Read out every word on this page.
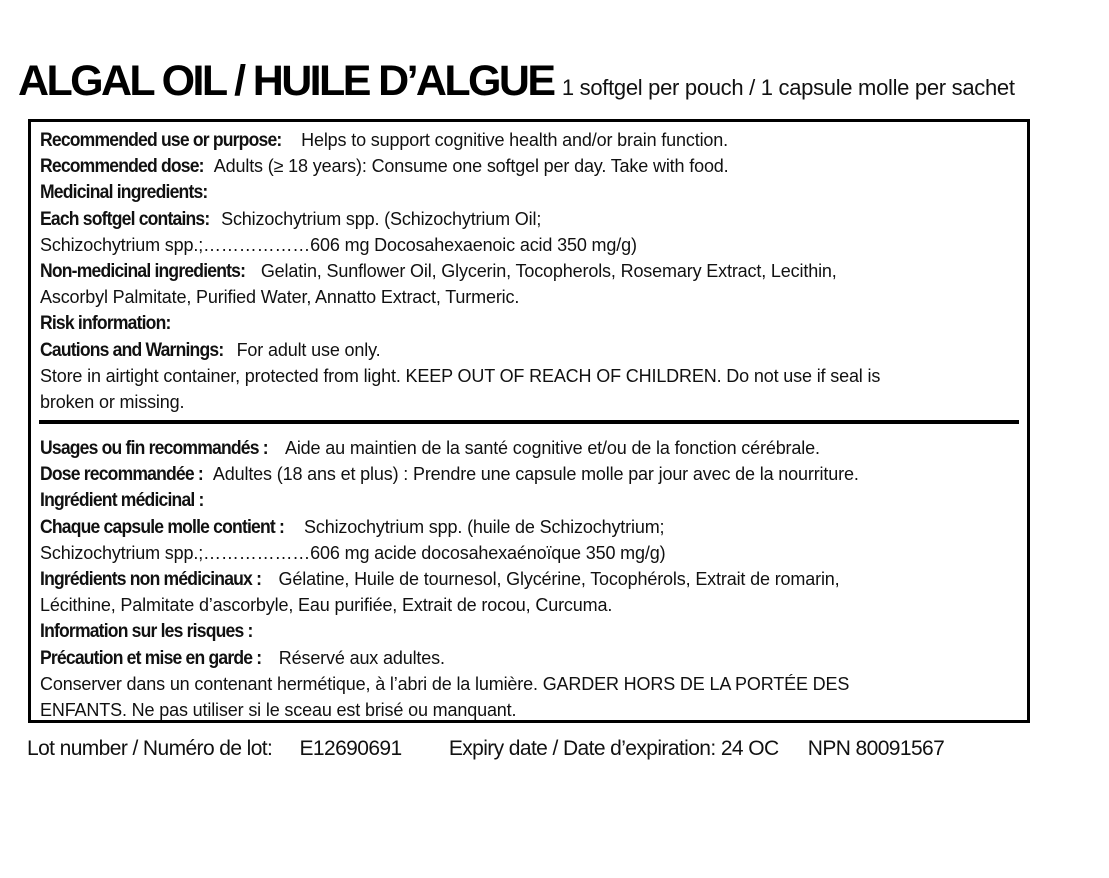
ALGAL OIL / HUILE D’ALGUE 1 softgel per pouch / 1 capsule molle per sachet
Recommended use or purpose: Helps to support cognitive health and/or brain function.
Recommended dose: Adults (≥ 18 years): Consume one softgel per day. Take with food.
Medicinal ingredients:
Each softgel contains: Schizochytrium spp. (Schizochytrium Oil;
Schizochytrium spp.;………………606 mg Docosahexaenoic acid 350 mg/g)
Non-medicinal ingredients: Gelatin, Sunflower Oil, Glycerin, Tocopherols, Rosemary Extract, Lecithin,
Ascorbyl Palmitate, Purified Water, Annatto Extract, Turmeric.
Risk information:
Cautions and Warnings: For adult use only.
Store in airtight container, protected from light. KEEP OUT OF REACH OF CHILDREN. Do not use if seal is
broken or missing.
Usages ou fin recommandés : Aide au maintien de la santé cognitive et/ou de la fonction cérébrale.
Dose recommandée : Adultes (18 ans et plus) : Prendre une capsule molle par jour avec de la nourriture.
Ingrédient médicinal :
Chaque capsule molle contient : Schizochytrium spp. (huile de Schizochytrium;
Schizochytrium spp.;………………606 mg acide docosahexaénoïque 350 mg/g)
Ingrédients non médicinaux : Gélatine, Huile de tournesol, Glycérine, Tocophérols, Extrait de romarin,
Lécithine, Palmitate d’ascorbyle, Eau purifiée, Extrait de rocou, Curcuma.
Information sur les risques :
Précaution et mise en garde : Réservé aux adultes.
Conserver dans un contenant hermétique, à l’abri de la lumière. GARDER HORS DE LA PORTÉE DES
ENFANTS. Ne pas utiliser si le sceau est brisé ou manquant.
Lot number / Numéro de lot: E12690691 Expiry date / Date d’expiration: 24 OC NPN 80091567
